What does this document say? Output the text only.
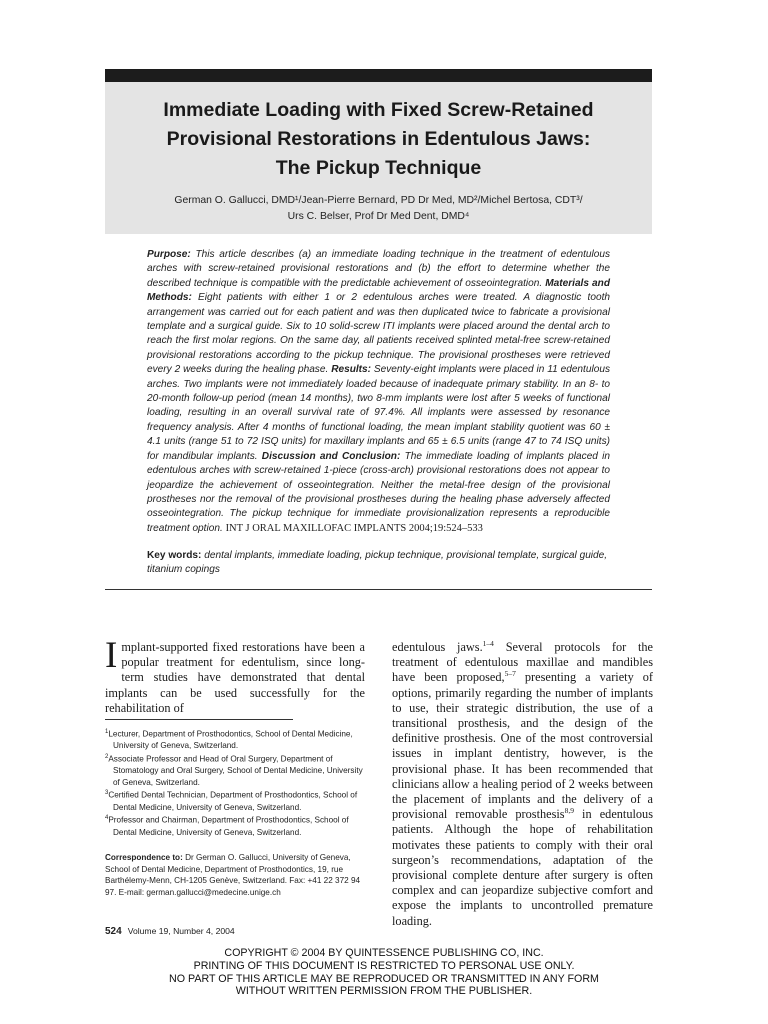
Immediate Loading with Fixed Screw-Retained
Provisional Restorations in Edentulous Jaws:
The Pickup Technique
German O. Gallucci, DMD¹/Jean-Pierre Bernard, PD Dr Med, MD²/Michel Bertosa, CDT³/
Urs C. Belser, Prof Dr Med Dent, DMD⁴
Purpose: This article describes (a) an immediate loading technique in the treatment of edentulous arches with screw-retained provisional restorations and (b) the effort to determine whether the described technique is compatible with the predictable achievement of osseointegration. Materials and Methods: Eight patients with either 1 or 2 edentulous arches were treated. A diagnostic tooth arrangement was carried out for each patient and was then duplicated twice to fabricate a provisional template and a surgical guide. Six to 10 solid-screw ITI implants were placed around the dental arch to reach the first molar regions. On the same day, all patients received splinted metal-free screw-retained provisional restorations according to the pickup technique. The provisional prostheses were retrieved every 2 weeks during the healing phase. Results: Seventy-eight implants were placed in 11 edentulous arches. Two implants were not immediately loaded because of inadequate primary stability. In an 8- to 20-month follow-up period (mean 14 months), two 8-mm implants were lost after 5 weeks of functional loading, resulting in an overall survival rate of 97.4%. All implants were assessed by resonance frequency analysis. After 4 months of functional loading, the mean implant stability quotient was 60 ± 4.1 units (range 51 to 72 ISQ units) for maxillary implants and 65 ± 6.5 units (range 47 to 74 ISQ units) for mandibular implants. Discussion and Conclusion: The immediate loading of implants placed in edentulous arches with screw-retained 1-piece (cross-arch) provisional restorations does not appear to jeopardize the achievement of osseointegration. Neither the metal-free design of the provisional prostheses nor the removal of the provisional prostheses during the healing phase adversely affected osseointegration. The pickup technique for immediate provisionalization represents a reproducible treatment option. INT J ORAL MAXILLOFAC IMPLANTS 2004;19:524–533
Key words: dental implants, immediate loading, pickup technique, provisional template, surgical guide, titanium copings
Implant-supported fixed restorations have been a popular treatment for edentulism, since long-term studies have demonstrated that dental implants can be used successfully for the rehabilitation of

$^1$Lecturer, Department of Prosthodontics, School of Dental Medicine, University of Geneva, Switzerland.

$^2$Associate Professor and Head of Oral Surgery, Department of Stomatology and Oral Surgery, School of Dental Medicine, University of Geneva, Switzerland.

$^3$Certified Dental Technician, Department of Prosthodontics, School of Dental Medicine, University of Geneva, Switzerland.

$^4$Professor and Chairman, Department of Prosthodontics, School of Dental Medicine, University of Geneva, Switzerland.

Correspondence to: Dr German O. Gallucci, University of Geneva, School of Dental Medicine, Department of Prosthodontics, 19, rue Barthélemy-Menn, CH-1205 Genève, Switzerland. Fax: +41 22 372 94 97. E-mail: german.gallucci@medecine.unige.ch
edentulous jaws.$^{1-4}$ Several protocols for the treatment of edentulous maxillae and mandibles have been proposed,$^{5-7}$ presenting a variety of options, primarily regarding the number of implants to use, their strategic distribution, the use of a transitional prosthesis, and the design of the definitive prosthesis. One of the most controversial issues in implant dentistry, however, is the provisional phase. It has been recommended that clinicians allow a healing period of 2 weeks between the placement of implants and the delivery of a provisional removable prosthesis$^{8,9}$ in edentulous patients. Although the hope of rehabilitation motivates these patients to comply with their oral surgeon’s recommendations, adaptation of the provisional complete denture after surgery is often complex and can jeopardize subjective comfort and expose the implants to uncontrolled premature loading.
524 Volume 19, Number 4, 2004
COPYRIGHT © 2004 BY QUINTESSENCE PUBLISHING CO, INC.
PRINTING OF THIS DOCUMENT IS RESTRICTED TO PERSONAL USE ONLY.
NO PART OF THIS ARTICLE MAY BE REPRODUCED OR TRANSMITTED IN ANY FORM
WITHOUT WRITTEN PERMISSION FROM THE PUBLISHER.
